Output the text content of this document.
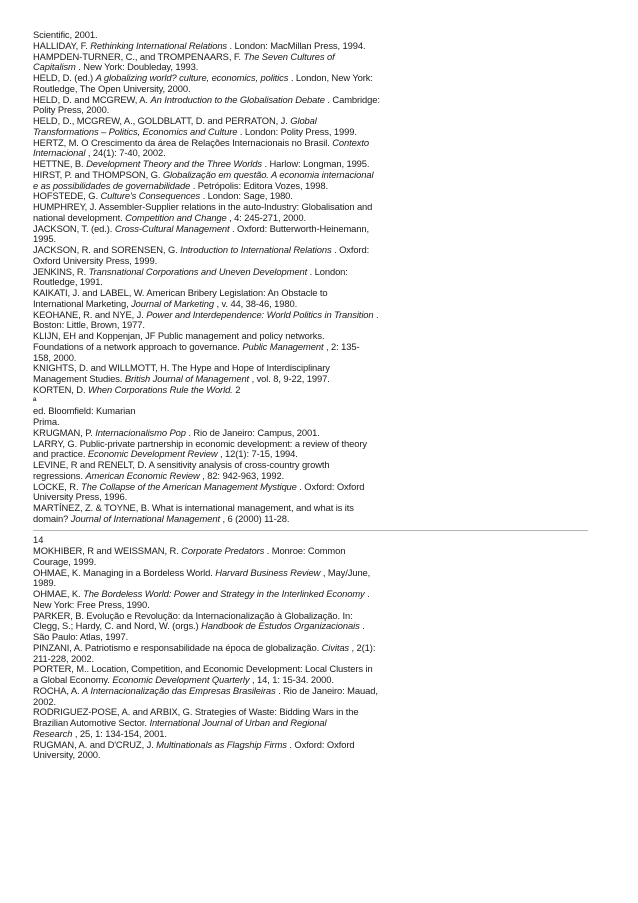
Scientific, 2001.
HALLIDAY, F. Rethinking International Relations . London: MacMillan Press, 1994.
HAMPDEN-TURNER, C., and TROMPENAARS, F. The Seven Cultures of
Capitalism . New York: Doubleday, 1993.
HELD, D. (ed.) A globalizing world? culture, economics, politics . London, New York:
Routledge, The Open University, 2000.
HELD, D. and MCGREW, A. An Introduction to the Globalisation Debate . Cambridge:
Polity Press, 2000.
HELD, D., MCGREW, A., GOLDBLATT, D. and PERRATON, J. Global
Transformations – Politics, Economics and Culture . London: Polity Press, 1999.
HERTZ, M. O Crescimento da área de Relações Internacionais no Brasil. Contexto
Internacional , 24(1): 7-40, 2002.
HETTNE, B. Development Theory and the Three Worlds . Harlow: Longman, 1995.
HIRST, P. and THOMPSON, G. Globalização em questão. A economia internacional
e as possibilidades de governabilidade . Petrópolis: Editora Vozes, 1998.
HOFSTEDE, G. Culture's Consequences . London: Sage, 1980.
HUMPHREY, J. Assembler-Supplier relations in the auto-Industry: Globalisation and
national development. Competition and Change , 4: 245-271, 2000.
JACKSON, T. (ed.). Cross-Cultural Management . Oxford: Butterworth-Heinemann,
1995.
JACKSON, R. and SORENSEN, G. Introduction to International Relations . Oxford:
Oxford University Press, 1999.
JENKINS, R. Transnational Corporations and Uneven Development . London:
Routledge, 1991.
KAIKATI, J. and LABEL, W. American Bribery Legislation: An Obstacle to
International Marketing, Journal of Marketing , v. 44, 38-46, 1980.
KEOHANE, R. and NYE, J. Power and Interdependence: World Politics in Transition .
Boston: Little, Brown, 1977.
KLIJN, EH and Koppenjan, JF Public management and policy networks.
Foundations of a network approach to governance. Public Management , 2: 135-
158, 2000.
KNIGHTS, D. and WILLMOTT, H. The Hype and Hope of Interdisciplinary
Management Studies. British Journal of Management , vol. 8, 9-22, 1997.
KORTEN, D. When Corporations Rule the World. 2
ª
ed. Bloomfield: Kumarian
Prima.
KRUGMAN, P. Internacionalismo Pop . Rio de Janeiro: Campus, 2001.
LARRY, G. Public-private partnership in economic development: a review of theory
and practice. Economic Development Review , 12(1): 7-15, 1994.
LEVINE, R and RENELT, D. A sensitivity analysis of cross-country growth
regressions. American Economic Review , 82: 942-963, 1992.
LOCKE, R. The Collapse of the American Management Mystique . Oxford: Oxford
University Press, 1996.
MARTÍNEZ, Z. & TOYNE, B. What is international management, and what is its
domain? Journal of International Management , 6 (2000) 11-28.
14
MOKHIBER, R and WEISSMAN, R. Corporate Predators . Monroe: Common
Courage, 1999.
OHMAE, K. Managing in a Bordeless World. Harvard Business Review , May/June,
1989.
OHMAE, K. The Bordeless World: Power and Strategy in the Interlinked Economy .
New York: Free Press, 1990.
PARKER, B. Evolução e Revolução: da Internacionalização à Globalização. In:
Clegg, S.; Hardy, C. and Nord, W. (orgs.) Handbook de Estudos Organizacionais .
São Paulo: Atlas, 1997.
PINZANI, A. Patriotismo e responsabilidade na época de globalização. Civitas , 2(1):
211-228, 2002.
PORTER, M.. Location, Competition, and Economic Development: Local Clusters in
a Global Economy. Economic Development Quarterly , 14, 1: 15-34. 2000.
ROCHA, A. A Internacionalização das Empresas Brasileiras . Rio de Janeiro: Mauad,
2002.
RODRIGUEZ-POSE, A. and ARBIX, G. Strategies of Waste: Bidding Wars in the
Brazilian Automotive Sector. International Journal of Urban and Regional
Research , 25, 1: 134-154, 2001.
RUGMAN, A. and D'CRUZ, J. Multinationals as Flagship Firms . Oxford: Oxford
University, 2000.
